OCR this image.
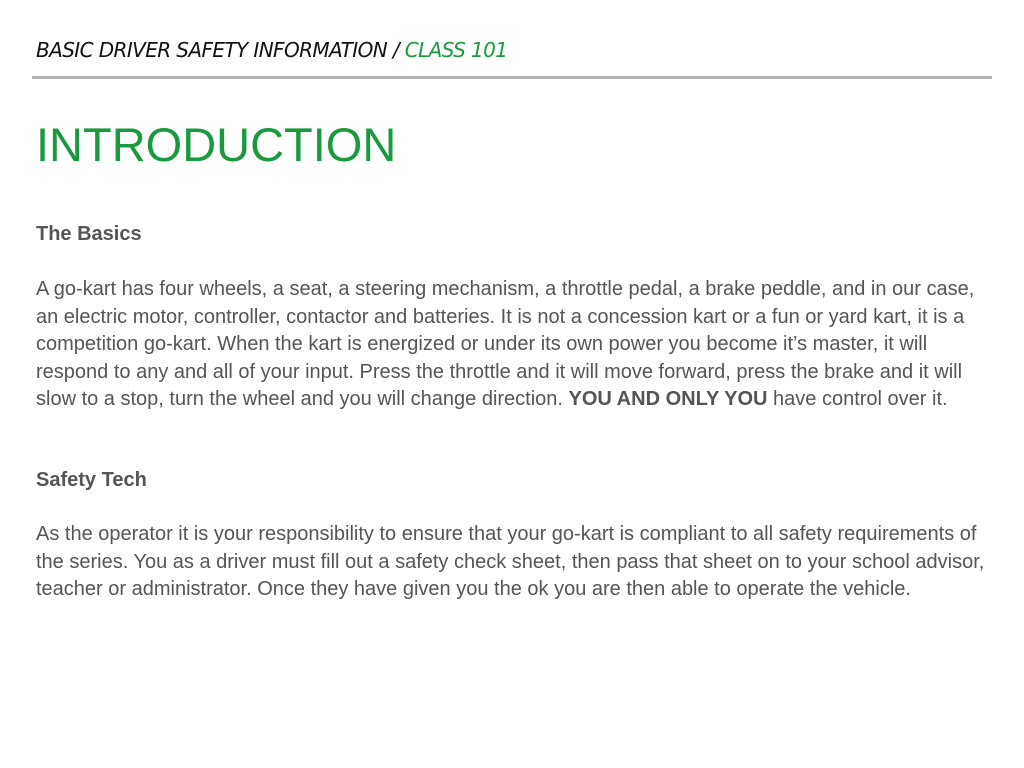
BASIC DRIVER SAFETY INFORMATION / CLASS 101
INTRODUCTION
The Basics
A go-kart has four wheels, a seat, a steering mechanism, a throttle pedal, a brake peddle, and in our case, an electric motor, controller, contactor and batteries. It is not a concession kart or a fun or yard kart, it is a competition go-kart. When the kart is energized or under its own power you become it’s master, it will respond to any and all of your input. Press the throttle and it will move forward, press the brake and it will slow to a stop, turn the wheel and you will change direction. YOU AND ONLY YOU have control over it.
Safety Tech
As the operator it is your responsibility to ensure that your go-kart is compliant to all safety requirements of the series. You as a driver must fill out a safety check sheet, then pass that sheet on to your school advisor, teacher or administrator. Once they have given you the ok you are then able to operate the vehicle.
